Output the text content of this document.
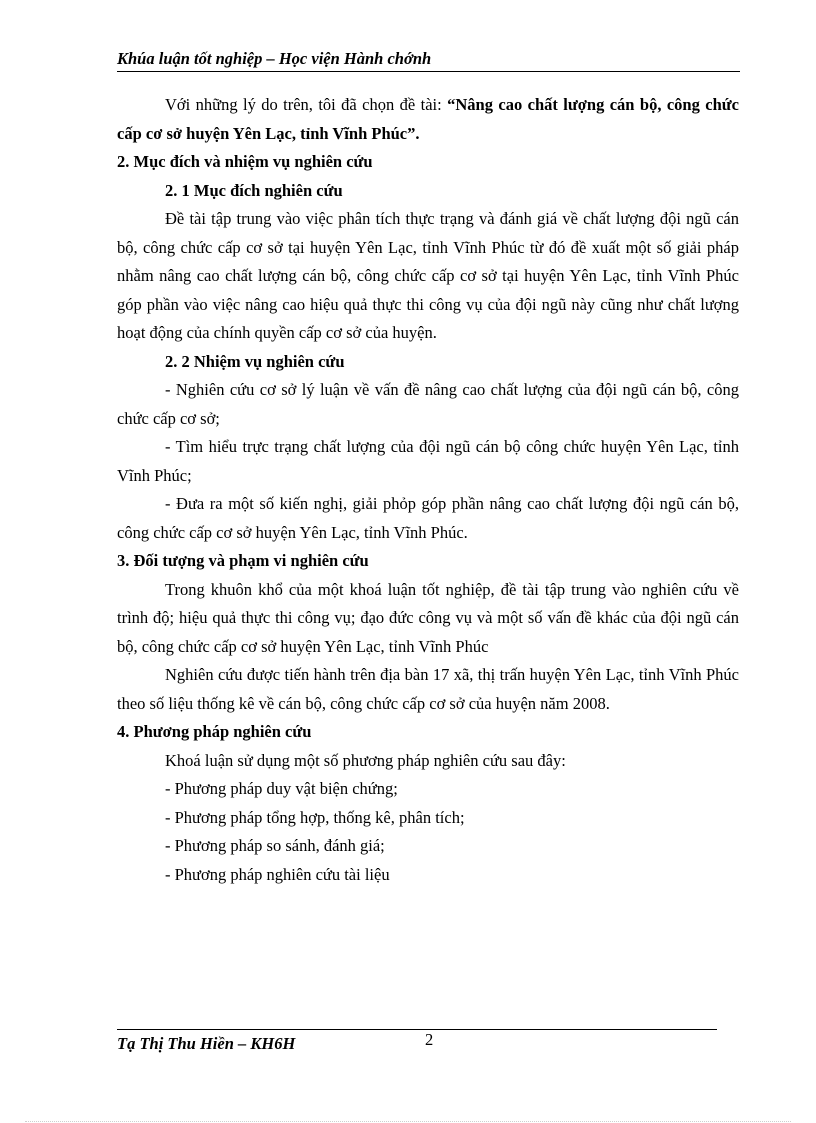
Khúa luận tốt nghiệp – Học viện Hành chớnh

Với những lý do trên, tôi đã chọn đề tài: “Nâng cao chất lượng cán bộ, công chức cấp cơ sở huyện Yên Lạc, tỉnh Vĩnh Phúc”.

2. Mục đích và nhiệm vụ nghiên cứu

2. 1 Mục đích nghiên cứu

Đề tài tập trung vào việc phân tích thực trạng và đánh giá về chất lượng đội ngũ cán bộ, công chức cấp cơ sở tại huyện Yên Lạc, tỉnh Vĩnh Phúc từ đó đề xuất một số giải pháp nhằm nâng cao chất lượng cán bộ, công chức cấp cơ sở tại huyện Yên Lạc, tỉnh Vĩnh Phúc góp phần vào việc nâng cao hiệu quả thực thi công vụ của đội ngũ này cũng như chất lượng hoạt động của chính quyền cấp cơ sở của huyện.

2. 2 Nhiệm vụ nghiên cứu

- Nghiên cứu cơ sở lý luận về vấn đề nâng cao chất lượng của đội ngũ cán bộ, công chức cấp cơ sở;

- Tìm hiểu trực trạng chất lượng của đội ngũ cán bộ công chức huyện Yên Lạc, tỉnh Vĩnh Phúc;

- Đưa ra một số kiến nghị, giải phỏp góp phần nâng cao chất lượng đội ngũ cán bộ, công chức cấp cơ sở huyện Yên Lạc, tỉnh Vĩnh Phúc.

3. Đối tượng và phạm vi nghiên cứu

Trong khuôn khổ của một khoá luận tốt nghiệp, đề tài tập trung vào nghiên cứu về trình độ; hiệu quả thực thi công vụ; đạo đức công vụ và một số vấn đề khác của đội ngũ cán bộ, công chức cấp cơ sở huyện Yên Lạc, tỉnh Vĩnh Phúc

Nghiên cứu được tiến hành trên địa bàn 17 xã, thị trấn huyện Yên Lạc, tỉnh Vĩnh Phúc theo số liệu thống kê về cán bộ, công chức cấp cơ sở của huyện năm 2008.

4. Phương pháp nghiên cứu

Khoá luận sử dụng một số phương pháp nghiên cứu sau đây:

- Phương pháp duy vật biện chứng;

- Phương pháp tổng hợp, thống kê, phân tích;

- Phương pháp so sánh, đánh giá;

- Phương pháp nghiên cứu tài liệu

Tạ Thị Thu Hiền – KH6H	2
